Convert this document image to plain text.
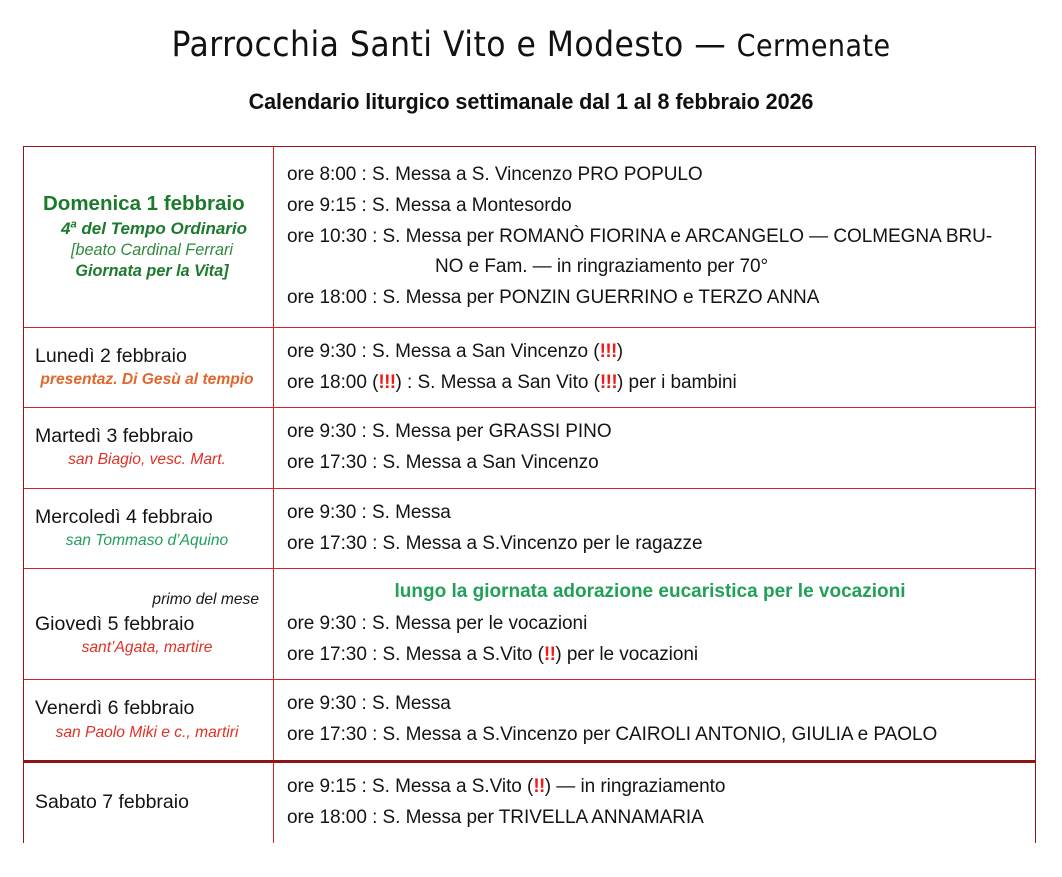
Parrocchia Santi Vito e Modesto — Cermenate
Calendario liturgico settimanale dal 1 al 8 febbraio 2026
Domenica 1 febbraio
4$^a$ del Tempo Ordinario
[beato Cardinal Ferrari
Giornata per la Vita]

ore 8:00 : S. Messa a S. Vincenzo PRO POPULO
ore 9:15 : S. Messa a Montesordo
ore 10:30 : S. Messa per ROMANÒ FIORINA e ARCANGELO — COLMEGNA BRU-
NO e Fam. — in ringraziamento per 70°
ore 18:00 : S. Messa per PONZIN GUERRINO e TERZO ANNA

Lunedì 2 febbraio
presentaz. Di Gesù al tempio

ore 9:30 : S. Messa a San Vincenzo (!!!)
ore 18:00 (!!!) : S. Messa a San Vito (!!!) per i bambini

Martedì 3 febbraio
san Biagio, vesc. Mart.

ore 9:30 : S. Messa per GRASSI PINO
ore 17:30 : S. Messa a San Vincenzo

Mercoledì 4 febbraio
san Tommaso d’Aquino

ore 9:30 : S. Messa
ore 17:30 : S. Messa a S.Vincenzo per le ragazze

primo del mese
Giovedì 5 febbraio
sant’Agata, martire

lungo la giornata adorazione eucaristica per le vocazioni
ore 9:30 : S. Messa per le vocazioni
ore 17:30 : S. Messa a S.Vito (!!) per le vocazioni

Venerdì 6 febbraio
san Paolo Miki e c., martiri

ore 9:30 : S. Messa
ore 17:30 : S. Messa a S.Vincenzo per CAIROLI ANTONIO, GIULIA e PAOLO

Sabato 7 febbraio	ore 9:15 : S. Messa a S.Vito (!!) — in ringraziamento
ore 18:00 : S. Messa per TRIVELLA ANNAMARIA
